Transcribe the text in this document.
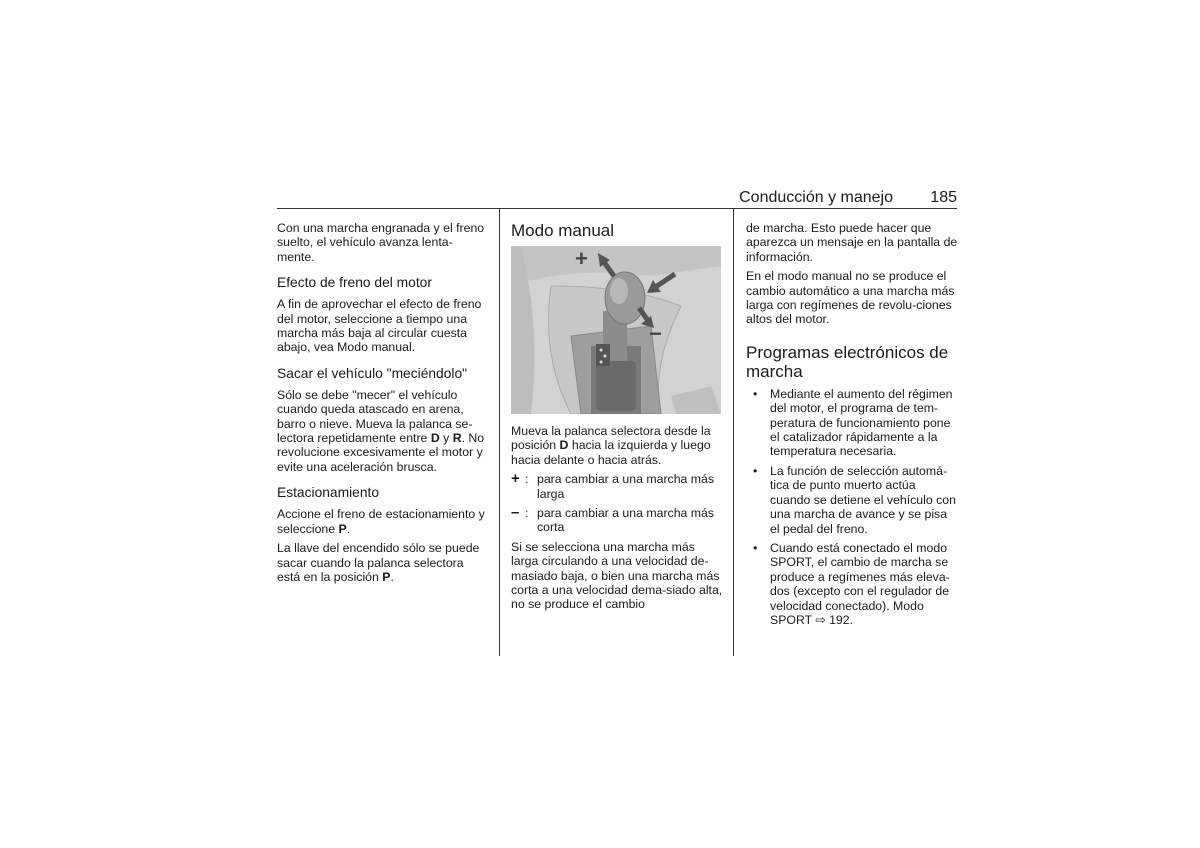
Conducción y manejo 185

Con una marcha engranada y el freno suelto, el vehículo avanza lenta-mente.

Efecto de freno del motor

A fin de aprovechar el efecto de freno del motor, seleccione a tiempo una marcha más baja al circular cuesta abajo, vea Modo manual.

Sacar el vehículo "meciéndolo"

Sólo se debe "mecer" el vehículo cuando queda atascado en arena, barro o nieve. Mueva la palanca se-lectora repetidamente entre D y R. No revolucione excesivamente el motor y evite una aceleración brusca.

Estacionamiento

Accione el freno de estacionamiento y seleccione P.

La llave del encendido sólo se puede sacar cuando la palanca selectora está en la posición P.

Modo manual
+
−

Mueva la palanca selectora desde la posición D hacia la izquierda y luego hacia delante o hacia atrás.

+ : para cambiar a una marcha más larga
– : para cambiar a una marcha más corta

Si se selecciona una marcha más larga circulando a una velocidad de-masiado baja, o bien una marcha más corta a una velocidad dema-siado alta, no se produce el cambio

de marcha. Esto puede hacer que aparezca un mensaje en la pantalla de información.

En el modo manual no se produce el cambio automático a una marcha más larga con regímenes de revolu-ciones altos del motor.

Programas electrónicos de marcha
• Mediante el aumento del régimen del motor, el programa de tem-peratura de funcionamiento pone el catalizador rápidamente a la temperatura necesaria.
• La función de selección automá-tica de punto muerto actúa cuando se detiene el vehículo con una marcha de avance y se pisa el pedal del freno.
• Cuando está conectado el modo SPORT, el cambio de marcha se produce a regímenes más eleva-dos (excepto con el regulador de velocidad conectado). Modo SPORT ⇨ 192.
